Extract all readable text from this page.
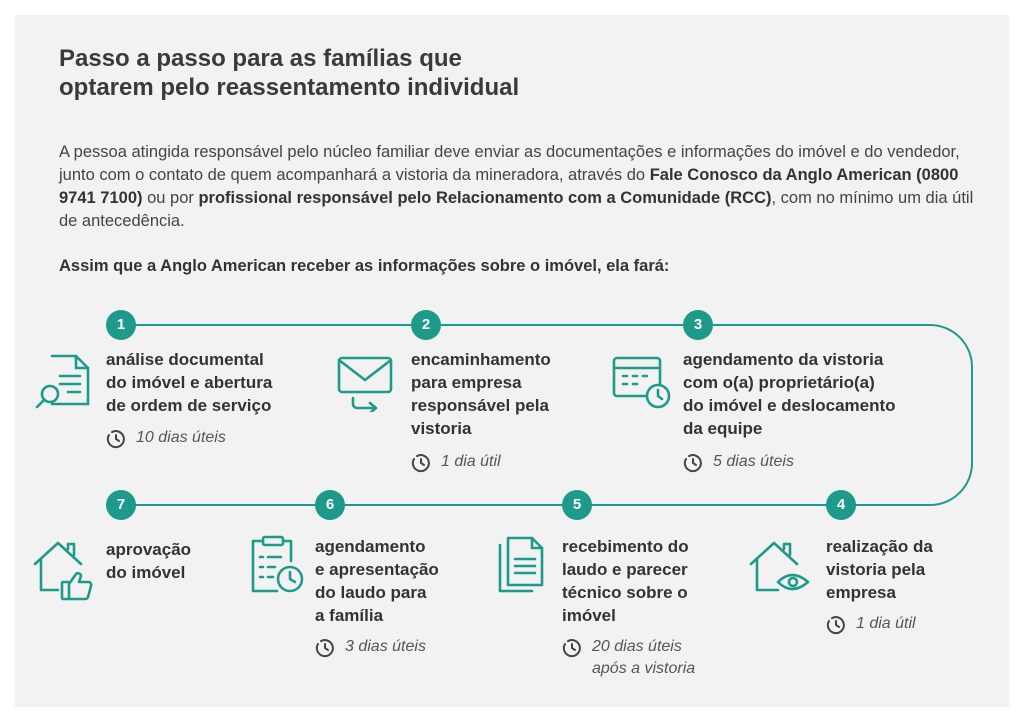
Passo a passo para as famílias que
optarem pelo reassentamento individual

A pessoa atingida responsável pelo núcleo familiar deve enviar as documentações e informações do imóvel e do vendedor, junto com o contato de quem acompanhará a vistoria da mineradora, através do Fale Conosco da Anglo American (0800 9741 7100) ou por profissional responsável pelo Relacionamento com a Comunidade (RCC), com no mínimo um dia útil de antecedência.

Assim que a Anglo American receber as informações sobre o imóvel, ela fará:

1	2	3
4
5
6
7

análise documental
do imóvel e abertura
de ordem de serviço

encaminhamento
para empresa
responsável pela
vistoria

agendamento da vistoria
com o(a) proprietário(a)
do imóvel e deslocamento
da equipe

realização da
vistoria pela
empresa

recebimento do
laudo e parecer
técnico sobre o
imóvel

agendamento
e apresentação
do laudo para
a família

aprovação
do imóvel

10 dias úteis
1 dia útil	5 dias úteis
1 dia útil
20 dias úteis
após a vistoria
3 dias úteis
